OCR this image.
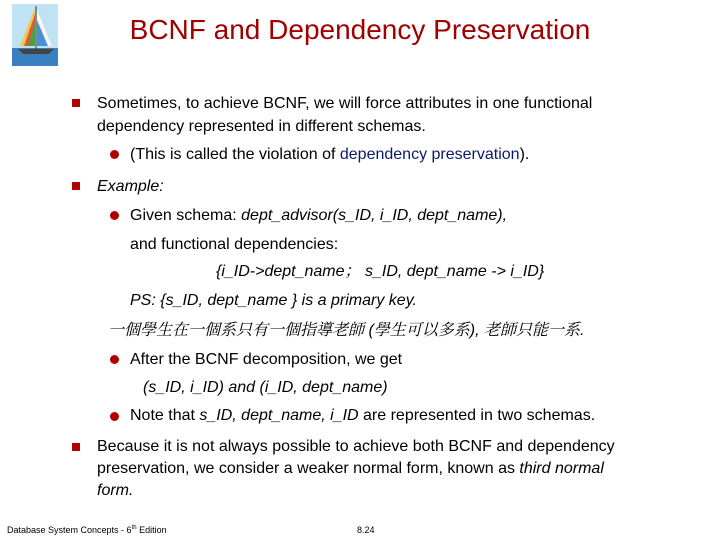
BCNF and Dependency Preservation
Sometimes, to achieve BCNF, we will force attributes in one functional
dependency represented in different schemas.
(This is called the violation of dependency preservation).
Example:
Given schema: dept_advisor(s_ID, i_ID, dept_name),
and functional dependencies:
{i_ID->dept_name； s_ID, dept_name -> i_ID}
PS: {s_ID, dept_name } is a primary key.
一個學生在一個系只有一個指導老師 (學生可以多系), 老師只能一系.
After the BCNF decomposition, we get
(s_ID, i_ID) and (i_ID, dept_name)
Note that s_ID, dept_name, i_ID are represented in two schemas.
Because it is not always possible to achieve both BCNF and dependency
preservation, we consider a weaker normal form, known as third normal
form.
Database System Concepts - 6th Edition	8.24
